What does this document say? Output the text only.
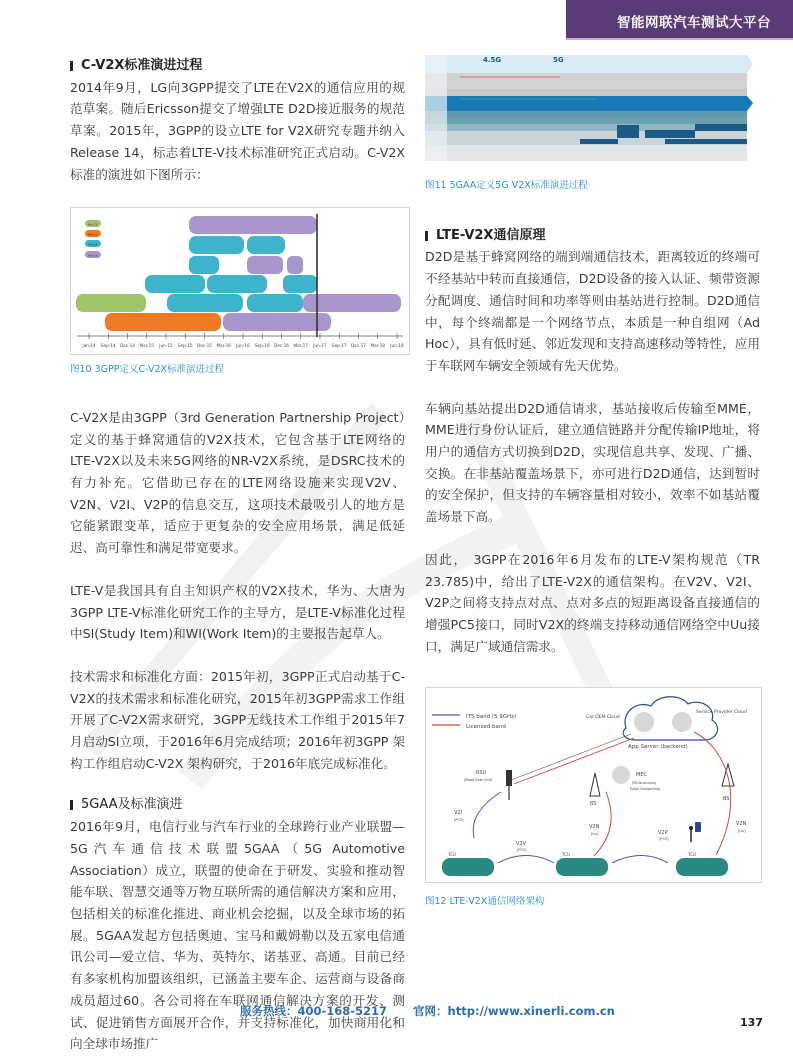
智能网联汽车测试大平台
C-V2X标准演进过程

2014年9月，LG向3GPP提交了LTE在V2X的通信应用的规范草案。随后Ericsson提交了增强LTE D2D接近服务的规范草案。2015年，3GPP的设立LTE for V2X研究专题并纳入Release 14，标志着LTE-V技术标准研究正式启动。C-V2X标准的演进如下图所示：

Rel-12
Rel-13
Rel-14
Rel-15
Jan-14 Sep-14 Dec-14 Mar-15 Jun-15 Sep-15 Dec-15 Mar-16 Jun-16 Sep-16 Dec-16 Mar-17 Jun-17 Sep-17 Dec-17 Mar-18 Jun-18
图10 3GPP定义C-V2X标准演进过程

C-V2X是由3GPP（3rd Generation Partnership Project）定义的基于蜂窝通信的V2X技术，它包含基于LTE网络的LTE-V2X以及未来5G网络的NR-V2X系统，是DSRC技术的有力补充。它借助已存在的LTE网络设施来实现V2V、V2N、V2I、V2P的信息交互，这项技术最吸引人的地方是它能紧跟变革，适应于更复杂的安全应用场景，满足低延迟、高可靠性和满足带宽要求。

LTE-V是我国具有自主知识产权的V2X技术，华为、大唐为3GPP LTE-V标准化研究工作的主导方，是LTE-V标准化过程中SI(Study Item)和WI(Work Item)的主要报告起草人。

技术需求和标准化方面：2015年初，3GPP正式启动基于C-V2X的技术需求和标准化研究，2015年初3GPP需求工作组开展了C-V2X需求研究，3GPP无线技术工作组于2015年7月启动SI立项，于2016年6月完成结项；2016年初3GPP 架构工作组启动C-V2X 架构研究，于2016年底完成标准化。

5GAA及标准演进

2016年9月，电信行业与汽车行业的全球跨行业产业联盟—5G汽车通信技术联盟5GAA（5G Automotive Association）成立，联盟的使命在于研发、实验和推动智能车联、智慧交通等万物互联所需的通信解决方案和应用，包括相关的标准化推进、商业机会挖掘，以及全球市场的拓展。5GAA发起方包括奥迪、宝马和戴姆勒以及五家电信通讯公司—爱立信、华为、英特尔、诺基亚、高通。目前已经有多家机构加盟该组织，已涵盖主要车企、运营商与设备商成员超过60。各公司将在车联网通信解决方案的开发、测试、促进销售方面展开合作，并支持标准化，加快商用化和向全球市场推广

4.5G	5G
图11 5GAA定义5G V2X标准演进过程
LTE-V2X通信原理

D2D是基于蜂窝网络的端到端通信技术，距离较近的终端可不经基站中转而直接通信，D2D设备的接入认证、频带资源分配调度、通信时间和功率等则由基站进行控制。D2D通信中，每个终端都是一个网络节点，本质是一种自组网（Ad Hoc），具有低时延、邻近发现和支持高速移动等特性，应用于车联网车辆安全领域有先天优势。

车辆向基站提出D2D通信请求，基站接收后传输至MME，MME进行身份认证后，建立通信链路并分配传输IP地址，将用户的通信方式切换到D2D，实现信息共享、发现、广播、交换。在非基站覆盖场景下，亦可进行D2D通信，达到暂时的安全保护，但支持的车辆容量相对较小，效率不如基站覆盖场景下高。

因此， 3GPP在2016年6月发布的LTE-V架构规范（TR 23.785)中，给出了LTE-V2X的通信架构。在V2V、V2I、V2P之间将支持点对点、点对多点的短距离设备直接通信的增强PC5接口，同时V2X的终端支持移动通信网络空中Uu接口，满足广域通信需求。

ITS band (5.9GHz)
Licensed band
Car OEM Cloud
Service Provider Cloud
App Server (backend)
RSU
(Road Side Unit)
MEC
(Multi-access)
Edge Computing)
BS
BS
V2I
[PC5]
V2V
[PC5]
V2N
[Uu]	V2P
[PC5]
V2N
[Uu]
TCU	TCU	TCU
图12 LTE-V2X通信网络架构
服务热线：400-168-5217 官网：http://www.xinerli.com.cn
137
